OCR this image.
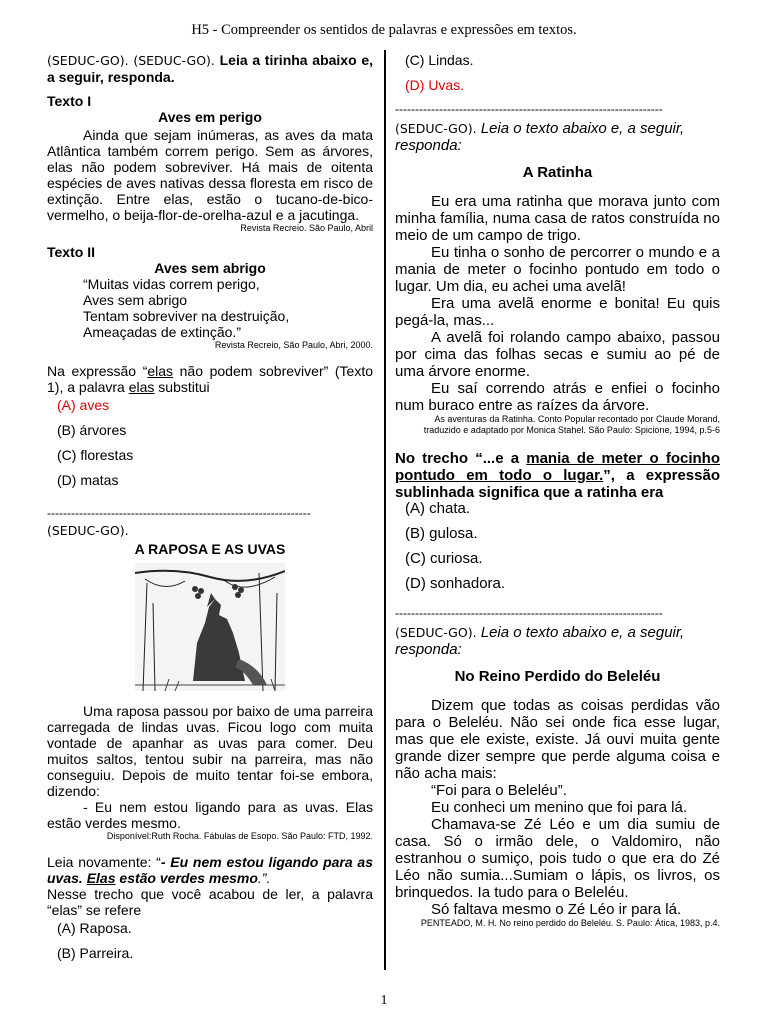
H5 - Compreender os sentidos de palavras e expressões em textos.
(SEDUC-GO). (SEDUC-GO). Leia a tirinha abaixo e, a seguir, responda.
Texto I
Aves em perigo
Ainda que sejam inúmeras, as aves da mata Atlântica também correm perigo. Sem as árvores, elas não podem sobreviver. Há mais de oitenta espécies de aves nativas dessa floresta em risco de extinção. Entre elas, estão o tucano-de-bico-vermelho, o beija-flor-de-orelha-azul e a jacutinga.
Revista Recreio. São Paulo, Abril
Texto II
Aves sem abrigo
“Muitas vidas correm perigo,
Aves sem abrigo
Tentam sobreviver na destruição,
Ameaçadas de extinção.”
Revista Recreio, São Paulo, Abri, 2000.
Na expressão “elas não podem sobreviver” (Texto 1), a palavra elas substitui
(A) aves
(B) árvores
(C) florestas
(D) matas
------------------------------------------------------------------
(SEDUC-GO).
A RAPOSA E AS UVAS
Uma raposa passou por baixo de uma parreira carregada de lindas uvas. Ficou logo com muita vontade de apanhar as uvas para comer. Deu muitos saltos, tentou subir na parreira, mas não conseguiu. Depois de muito tentar foi-se embora, dizendo:
- Eu nem estou ligando para as uvas. Elas estão verdes mesmo.
Disponível:Ruth Rocha. Fábulas de Esopo. São Paulo: FTD, 1992.
Leia novamente: “- Eu nem estou ligando para as uvas. Elas estão verdes mesmo.”.
Nesse trecho que você acabou de ler, a palavra “elas” se refere
(A) Raposa.
(B) Parreira.
(C) Lindas.
(D) Uvas.
-------------------------------------------------------------------
(SEDUC-GO). Leia o texto abaixo e, a seguir, responda:
A Ratinha
Eu era uma ratinha que morava junto com minha família, numa casa de ratos construída no meio de um campo de trigo.
Eu tinha o sonho de percorrer o mundo e a mania de meter o focinho pontudo em todo o lugar. Um dia, eu achei uma avelã!
Era uma avelã enorme e bonita! Eu quis pegá-la, mas...
A avelã foi rolando campo abaixo, passou por cima das folhas secas e sumiu ao pé de uma árvore enorme.
Eu saí correndo atrás e enfiei o focinho num buraco entre as raízes da árvore.
As aventuras da Ratinha. Conto Popular recontado por Claude Morand, traduzido e adaptado por Monica Stahel. São Paulo: Spicione, 1994, p.5-6
No trecho “...e a mania de meter o focinho pontudo em todo o lugar.”, a expressão sublinhada significa que a ratinha era
(A) chata.
(B) gulosa.
(C) curiosa.
(D) sonhadora.
-------------------------------------------------------------------
(SEDUC-GO). Leia o texto abaixo e, a seguir, responda:
No Reino Perdido do Beleléu
Dizem que todas as coisas perdidas vão para o Beleléu. Não sei onde fica esse lugar, mas que ele existe, existe. Já ouvi muita gente grande dizer sempre que perde alguma coisa e não acha mais:
“Foi para o Beleléu”.
Eu conheci um menino que foi para lá.
Chamava-se Zé Léo e um dia sumiu de casa. Só o irmão dele, o Valdomiro, não estranhou o sumiço, pois tudo o que era do Zé Léo não sumia...Sumiam o lápis, os livros, os brinquedos. Ia tudo para o Beleléu.
Só faltava mesmo o Zé Léo ir para lá.
PENTEADO, M. H. No reino perdido do Beleléu. S. Paulo: Ática, 1983, p.4.
1
